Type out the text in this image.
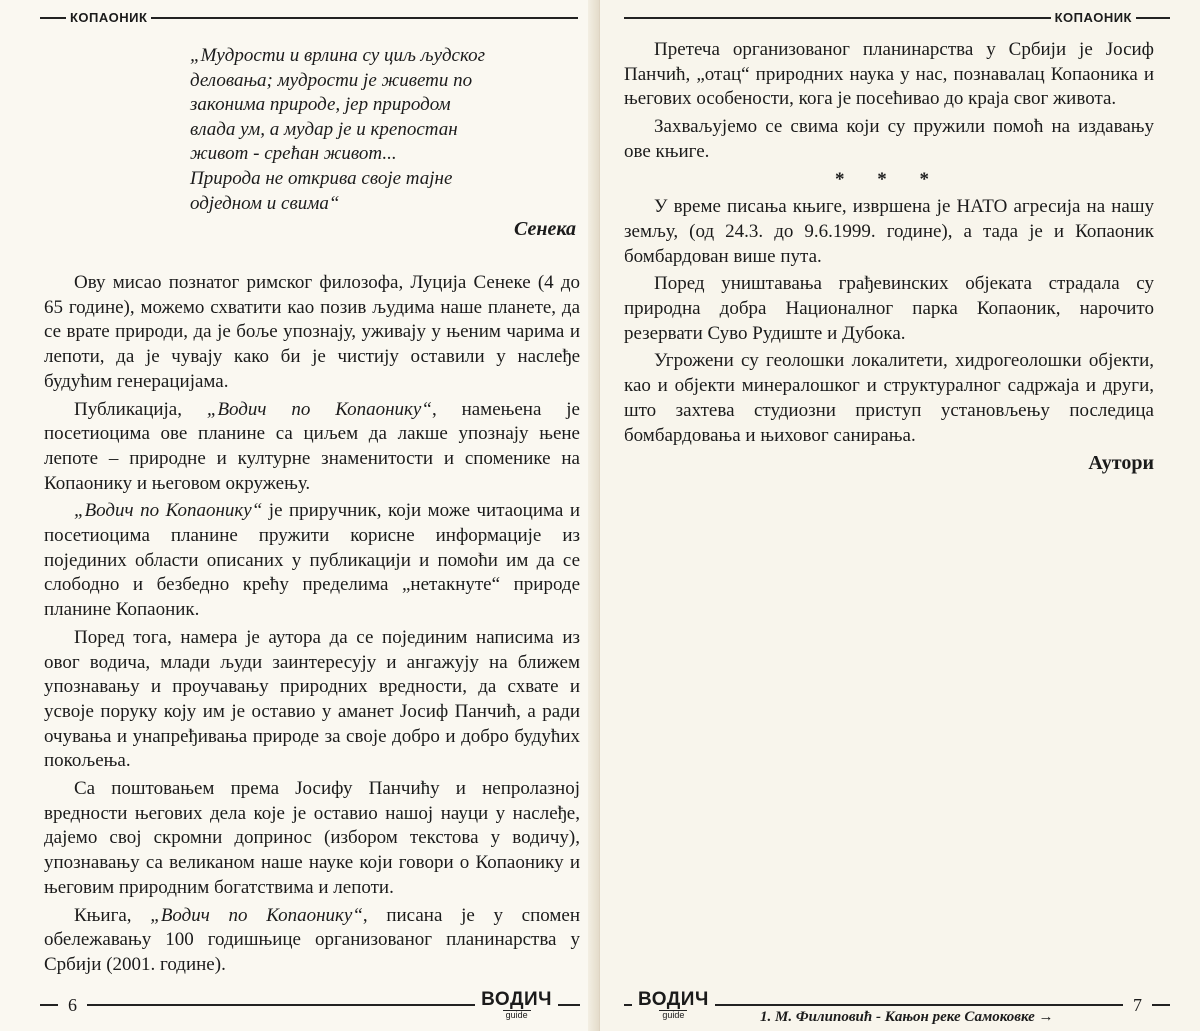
КОПАОНИК
„Мудрости и врлина су циљ људског
деловања; мудрости је живети по
законима природе, јер природом
влада ум, а мудар је и крепостан
живот - срећан живот...
Природа не открива своје тајне
одједном и свима“
Сенека

Ову мисао познатог римског филозофа, Луција Сенеке (4 до 65 године), можемо схватити као позив људима наше планете, да се врате природи, да је боље упознају, уживају у њеним чарима и лепоти, да је чувају како би је чистију оставили у наслеђе будућим генерацијама.

Публикација, „Водич по Копаонику“, намењена је посетиоцима ове планине са циљем да лакше упознају њене лепоте – природне и културне знаменитости и споменике на Копаонику и његовом окружењу.

„Водич по Копаонику“ је приручник, који може читаоцима и посетиоцима планине пружити корисне информације из појединих области описаних у публикацији и помоћи им да се слободно и безбедно крећу пределима „нетакнуте“ природе планине Копаоник.

Поред тога, намера је аутора да се појединим написима из овог водича, млади људи заинтересују и ангажују на ближем упознавању и проучавању природних вредности, да схвате и усвоје поруку коју им је оставио у аманет Јосиф Панчић, а ради очувања и унапређивања природе за своје добро и добро будућих покољења.

Са поштовањем према Јосифу Панчићу и непролазној вредности његових дела које је оставио нашој науци у наслеђе, дајемо свој скромни допринос (избором текстова у водичу), упознавању са великаном наше науке који говори о Копаонику и његовим природним богатствима и лепоти.

Књига, „Водич по Копаонику“, писана је у спомен обележавању 100 годишњице организованог планинарства у Србији (2001. године).

6	ВОДИЧ
guide
КОПАОНИК

Претеча организованог планинарства у Србији је Јосиф Панчић, „отац“ природних наука у нас, познавалац Копаоника и његових особености, кога је посећивао до краја свог живота.

Захваљујемо се свима који су пружили помоћ на издавању ове књиге.

* * *

У време писања књиге, извршена је НАТО агресија на нашу земљу, (од 24.3. до 9.6.1999. године), а тада је и Копаоник бомбардован више пута.

Поред уништавања грађевинских објеката страдала су природна добра Националног парка Копаоник, нарочито резервати Суво Рудиште и Дубока.

Угрожени су геолошки локалитети, хидрогеолошки објекти, као и објекти минералошког и структуралног садржаја и други, што захтева студиозни приступ установљењу последица бомбардовања и њиховог санирања.

Аутори

ВОДИЧ
guide
7
1. М. Филиповић - Кањон реке Самоковке →
